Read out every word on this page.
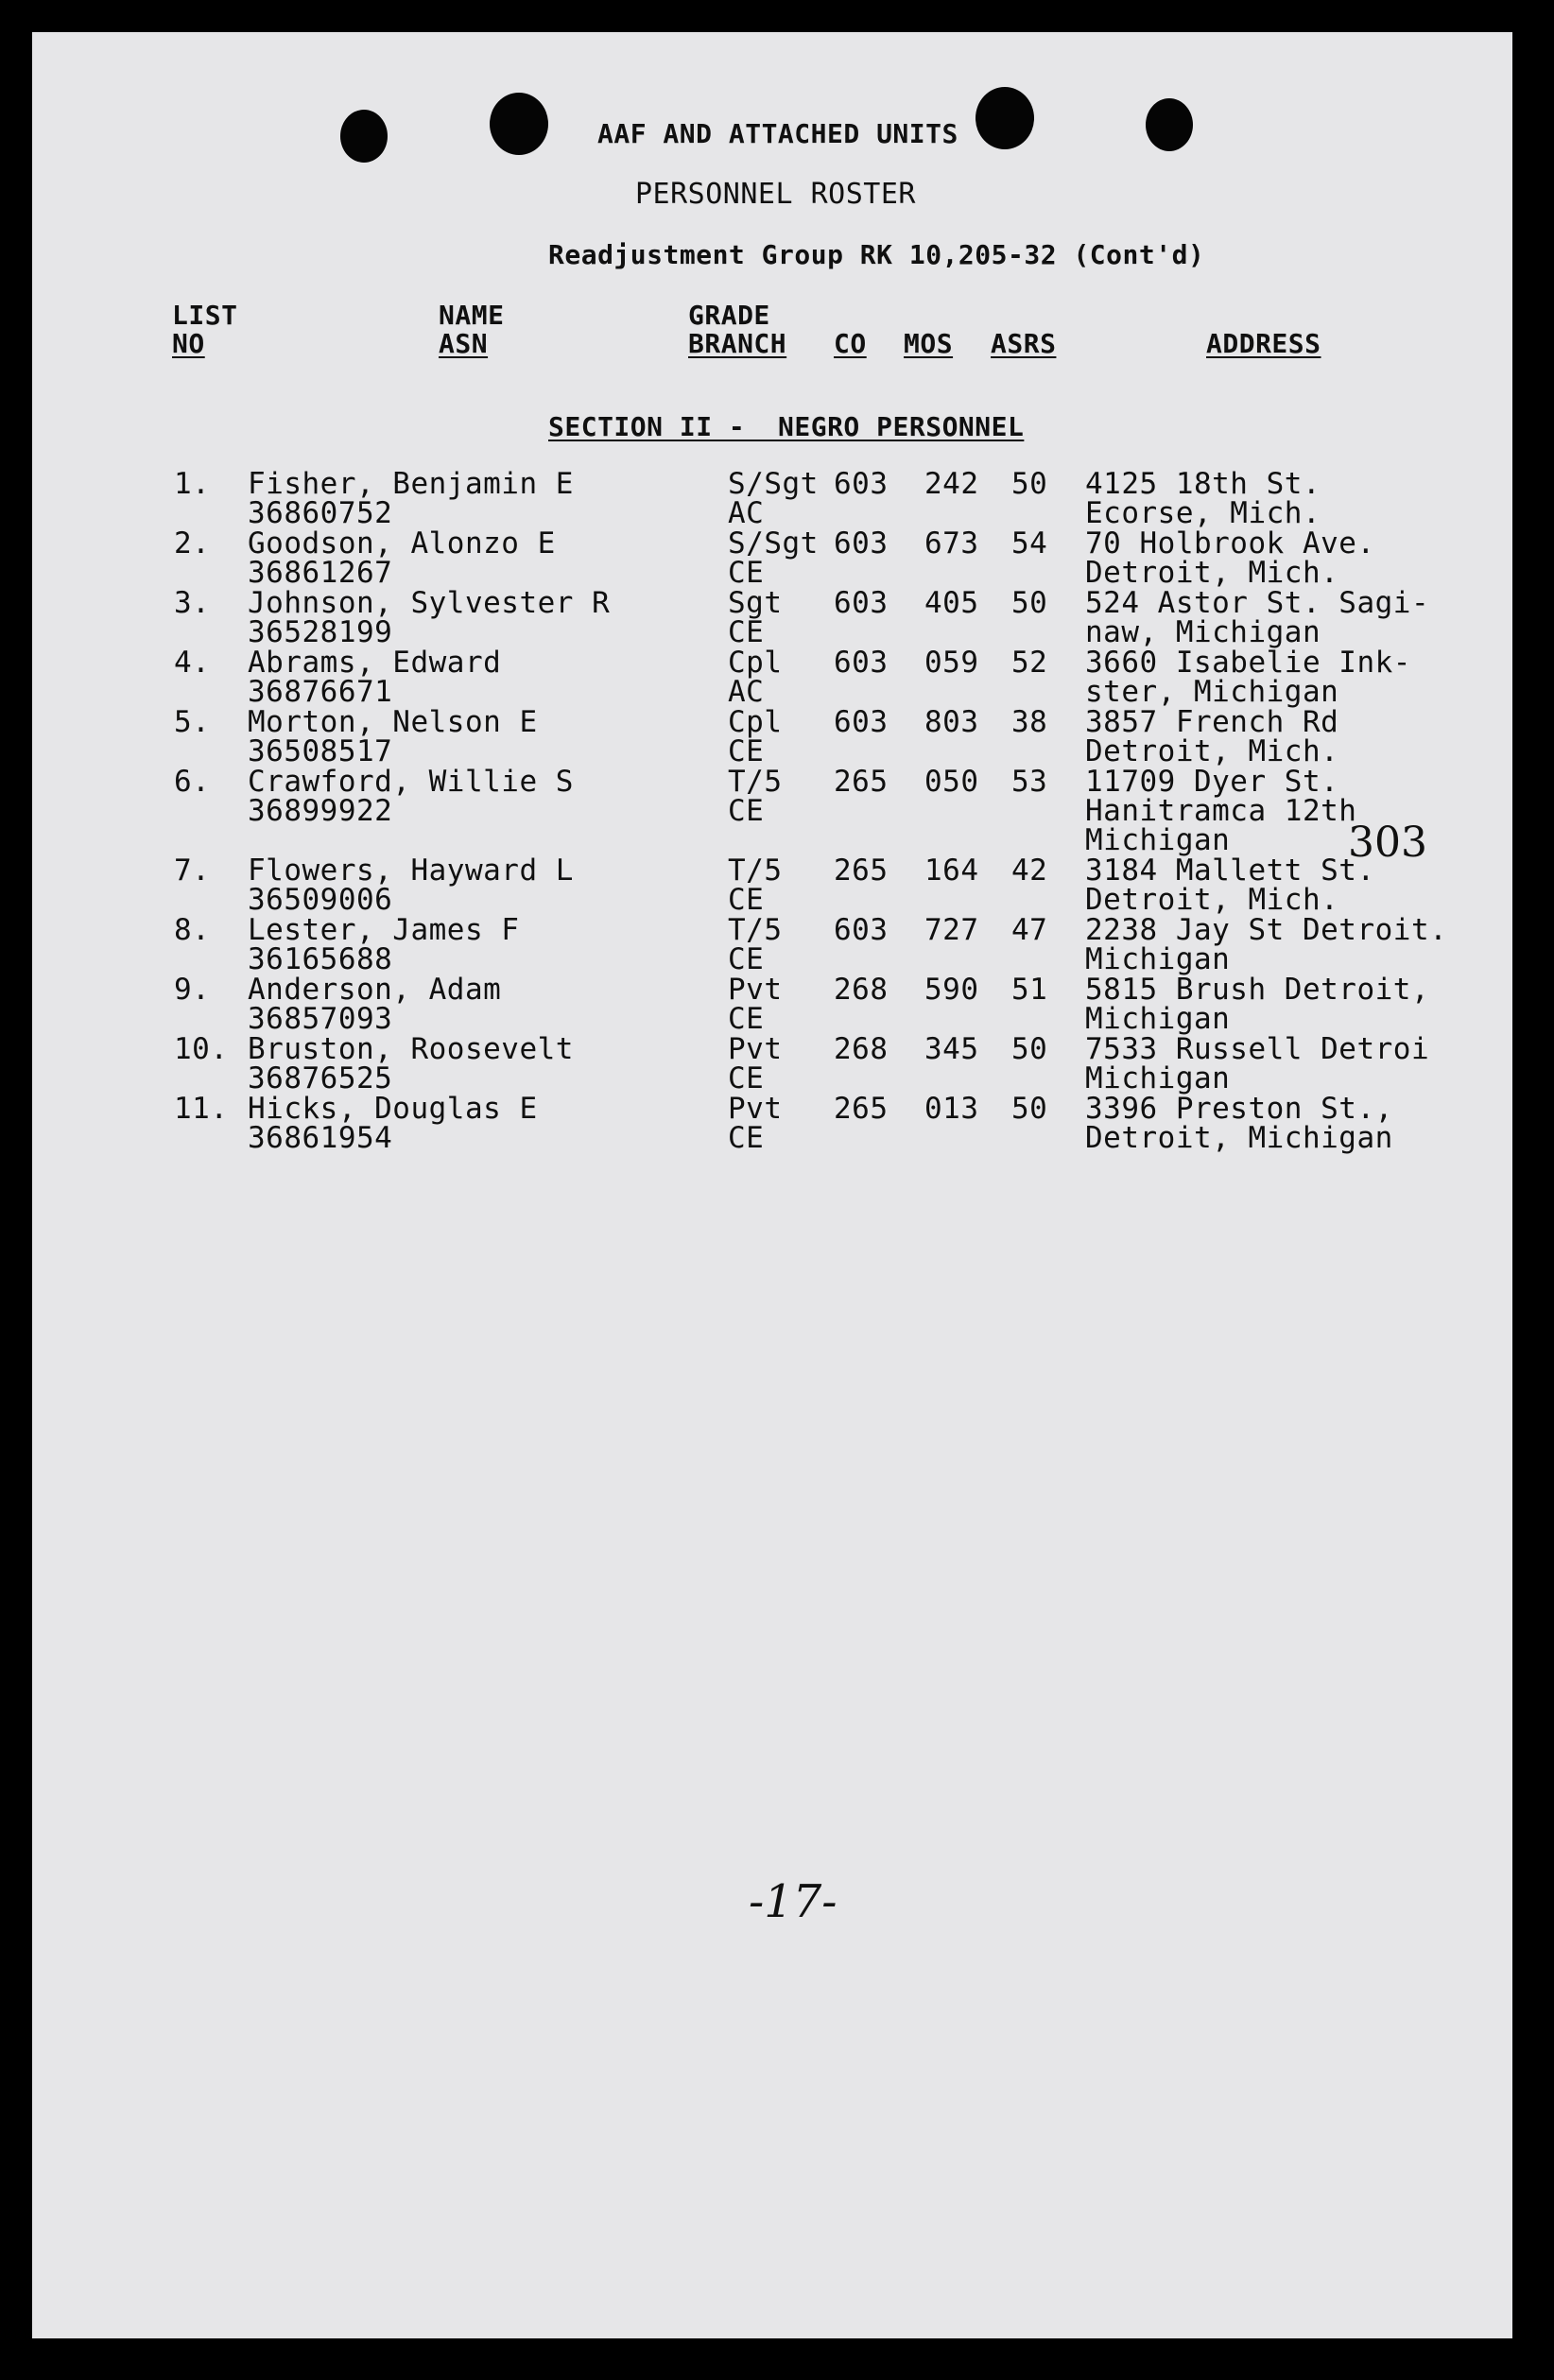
AAF AND ATTACHED UNITS
PERSONNEL ROSTER
Readjustment Group RK 10,205-32 (Cont'd)
LIST
NO
NAME
ASN
GRADE
BRANCH CO MOS ASRS	ADDRESS
SECTION II -  NEGRO PERSONNEL
1. Fisher, Benjamin E
36860752
S/Sgt
AC
603 242 50 4125 18th St.
Ecorse, Mich.
2. Goodson, Alonzo E
36861267
S/Sgt
CE
603 673 54 70 Holbrook Ave.
Detroit, Mich.
3. Johnson, Sylvester R
36528199
Sgt
CE
603 405 50 524 Astor St. Sagi-
naw, Michigan
4. Abrams, Edward
36876671
Cpl
AC
603 059 52 3660 Isabelie Ink-
ster, Michigan
5. Morton, Nelson E
36508517
Cpl
CE
603 803 38 3857 French Rd
Detroit, Mich.
6. Crawford, Willie S
36899922
T/5
CE
265 050 53 11709 Dyer St.
Hanitramca 12th
Michigan
7. Flowers, Hayward L
36509006
T/5
CE
265 164 42 3184 Mallett St.
Detroit, Mich.
8. Lester, James F
36165688
T/5
CE
603 727 47 2238 Jay St Detroit.
Michigan
9. Anderson, Adam
36857093
Pvt
CE
268 590 51 5815 Brush Detroit,
Michigan
10. Bruston, Roosevelt
36876525
Pvt
CE
268 345 50 7533 Russell Detroi
Michigan
11. Hicks, Douglas E
36861954
Pvt
CE
265 013 50 3396 Preston St.,
Detroit, Michigan
303
-17-
